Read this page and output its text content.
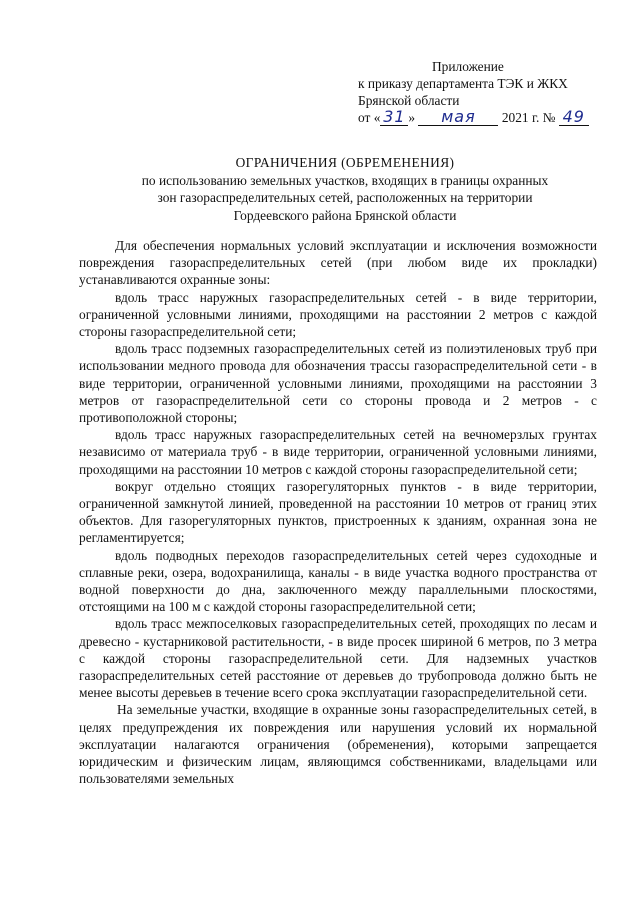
Приложение
к приказу департамента ТЭК и ЖКХ
Брянской области
от « 31 » мая 2021 г. № 49
ОГРАНИЧЕНИЯ (ОБРЕМЕНЕНИЯ)
по использованию земельных участков, входящих в границы охранных
зон газораспределительных сетей, расположенных на территории
Гордеевского района Брянской области

Для обеспечения нормальных условий эксплуатации и исключения возможности повреждения газораспределительных сетей (при любом виде их прокладки) устанавливаются охранные зоны:

вдоль трасс наружных газораспределительных сетей - в виде территории, ограниченной условными линиями, проходящими на расстоянии 2 метров с каждой стороны газораспределительной сети;

вдоль трасс подземных газораспределительных сетей из полиэтиленовых труб при использовании медного провода для обозначения трассы газораспределительной сети - в виде территории, ограниченной условными линиями, проходящими на расстоянии 3 метров от газораспределительной сети со стороны провода и 2 метров - с противоположной стороны;

вдоль трасс наружных газораспределительных сетей на вечномерзлых грунтах независимо от материала труб - в виде территории, ограниченной условными линиями, проходящими на расстоянии 10 метров с каждой стороны газораспределительной сети;

вокруг отдельно стоящих газорегуляторных пунктов - в виде территории, ограниченной замкнутой линией, проведенной на расстоянии 10 метров от границ этих объектов. Для газорегуляторных пунктов, пристроенных к зданиям, охранная зона не регламентируется;

вдоль подводных переходов газораспределительных сетей через судоходные и сплавные реки, озера, водохранилища, каналы - в виде участка водного пространства от водной поверхности до дна, заключенного между параллельными плоскостями, отстоящими на 100 м с каждой стороны газораспределительной сети;

вдоль трасс межпоселковых газораспределительных сетей, проходящих по лесам и древесно - кустарниковой растительности, - в виде просек шириной 6 метров, по 3 метра с каждой стороны газораспределительной сети. Для надземных участков газораспределительных сетей расстояние от деревьев до трубопровода должно быть не менее высоты деревьев в течение всего срока эксплуатации газораспределительной сети.

На земельные участки, входящие в охранные зоны газораспределительных сетей, в целях предупреждения их повреждения или нарушения условий их нормальной эксплуатации налагаются ограничения (обременения), которыми запрещается юридическим и физическим лицам, являющимся собственниками, владельцами или пользователями земельных
